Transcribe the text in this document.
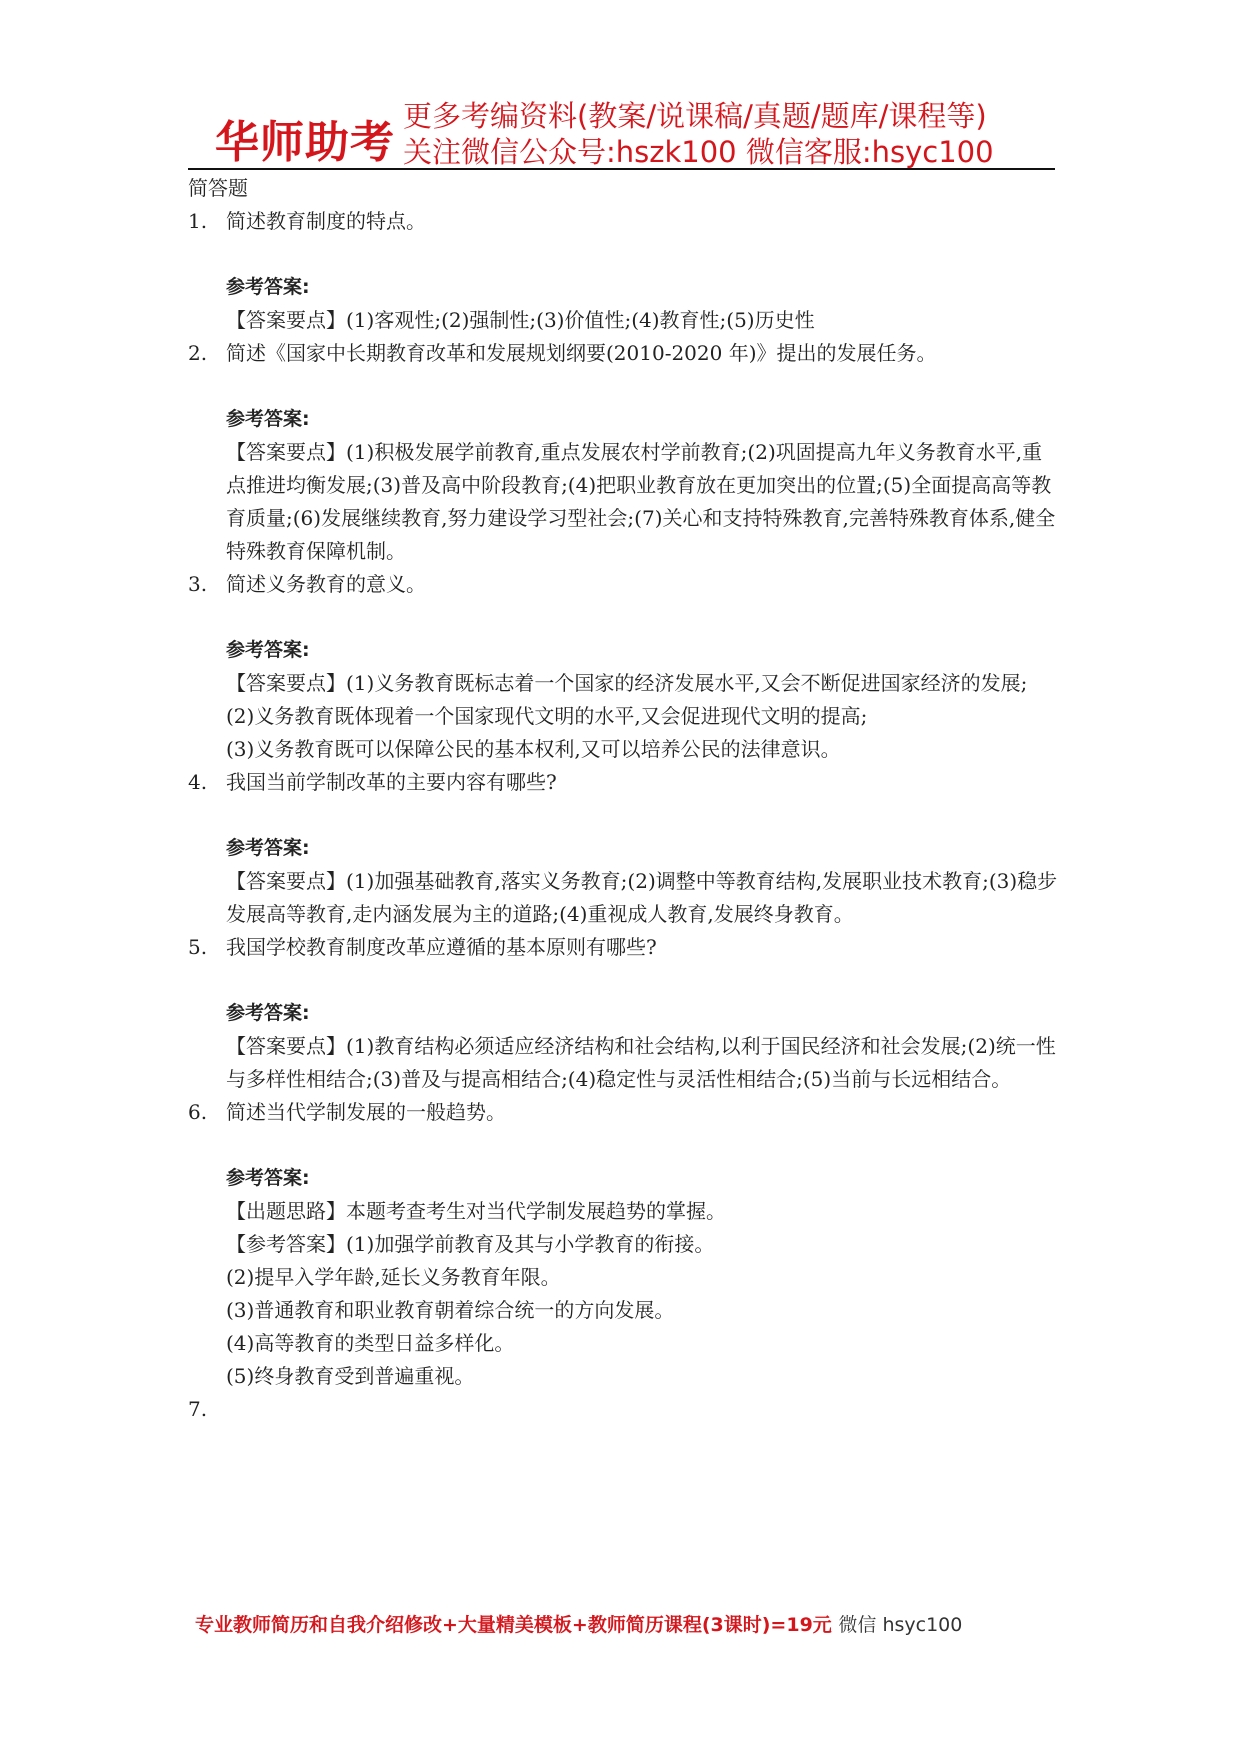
华师助考
更多考编资料(教案/说课稿/真题/题库/课程等)
关注微信公众号:hszk100 微信客服:hsyc100

简答题

1. 简述教育制度的特点。

参考答案:

【答案要点】(1)客观性;(2)强制性;(3)价值性;(4)教育性;(5)历史性

2. 简述《国家中长期教育改革和发展规划纲要(2010-2020 年)》提出的发展任务。

参考答案:

【答案要点】(1)积极发展学前教育,重点发展农村学前教育;(2)巩固提高九年义务教育水平,重点推进均衡发展;(3)普及高中阶段教育;(4)把职业教育放在更加突出的位置;(5)全面提高高等教育质量;(6)发展继续教育,努力建设学习型社会;(7)关心和支持特殊教育,完善特殊教育体系,健全特殊教育保障机制。

3. 简述义务教育的意义。

参考答案:

【答案要点】(1)义务教育既标志着一个国家的经济发展水平,又会不断促进国家经济的发展;

(2)义务教育既体现着一个国家现代文明的水平,又会促进现代文明的提高;

(3)义务教育既可以保障公民的基本权利,又可以培养公民的法律意识。

4. 我国当前学制改革的主要内容有哪些?

参考答案:

【答案要点】(1)加强基础教育,落实义务教育;(2)调整中等教育结构,发展职业技术教育;(3)稳步发展高等教育,走内涵发展为主的道路;(4)重视成人教育,发展终身教育。

5. 我国学校教育制度改革应遵循的基本原则有哪些?

参考答案:

【答案要点】(1)教育结构必须适应经济结构和社会结构,以利于国民经济和社会发展;(2)统一性与多样性相结合;(3)普及与提高相结合;(4)稳定性与灵活性相结合;(5)当前与长远相结合。

6. 简述当代学制发展的一般趋势。

参考答案:

【出题思路】本题考查考生对当代学制发展趋势的掌握。

【参考答案】(1)加强学前教育及其与小学教育的衔接。

(2)提早入学年龄,延长义务教育年限。

(3)普通教育和职业教育朝着综合统一的方向发展。

(4)高等教育的类型日益多样化。

(5)终身教育受到普遍重视。

7.

专业教师简历和自我介绍修改+大量精美模板+教师简历课程(3课时)=19元 微信 hsyc100
